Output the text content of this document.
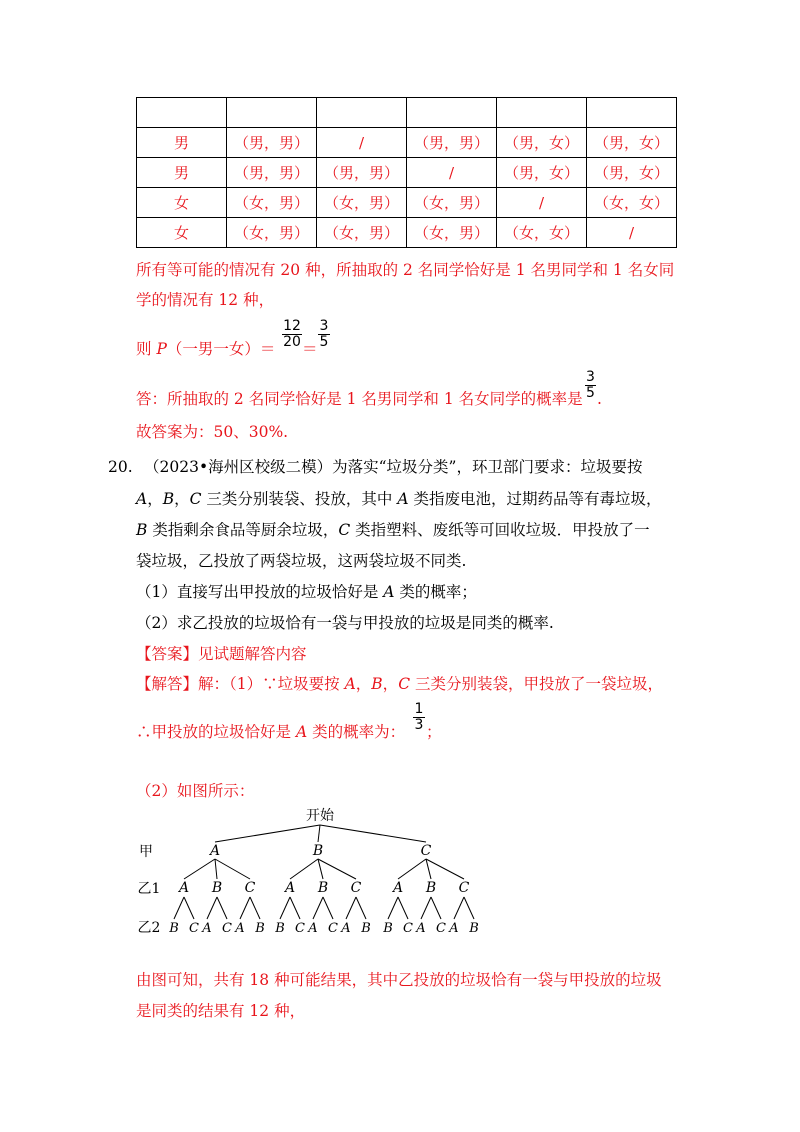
男	（男，男）	/	（男，男）	（男，女）	（男，女）
男	（男，男）	（男，男）	/	（男，女）	（男，女）
女	（女，男）	（女，男）	（女，男）	/	（女，女）
女	（女，男）	（女，男）	（女，男）	（女，女）	/
所有等可能的情况有 20 种，所抽取的 2 名同学恰好是 1 名男同学和 1 名女同
学的情况有 12 种，
则 P（一男一女）＝ $\frac{12}{20} = \frac{3}{5}$
答：所抽取的 2 名同学恰好是 1 名男同学和 1 名女同学的概率是 $\frac{3}{5}$ .
故答案为：50、30%.
20. （2023•海州区校级二模）为落实“垃圾分类”，环卫部门要求：垃圾要按
A，B，C 三类分别装袋、投放，其中 A 类指废电池，过期药品等有毒垃圾，
B 类指剩余食品等厨余垃圾，C 类指塑料、废纸等可回收垃圾．甲投放了一
袋垃圾，乙投放了两袋垃圾，这两袋垃圾不同类.
（1）直接写出甲投放的垃圾恰好是 A 类的概率；
（2）求乙投放的垃圾恰有一袋与甲投放的垃圾是同类的概率.
【答案】见试题解答内容
【解答】解：（1）∵垃圾要按 A，B，C 三类分别装袋，甲投放了一袋垃圾，
∴甲投放的垃圾恰好是 A 类的概率为： $\frac{1}{3}$ ；
（2）如图所示：
开始
甲
乙1
乙2
A	B	C
A B C A B C A B C
B C A C A B B C A C A B B C A C A B
由图可知，共有 18 种可能结果，其中乙投放的垃圾恰有一袋与甲投放的垃圾
是同类的结果有 12 种，
